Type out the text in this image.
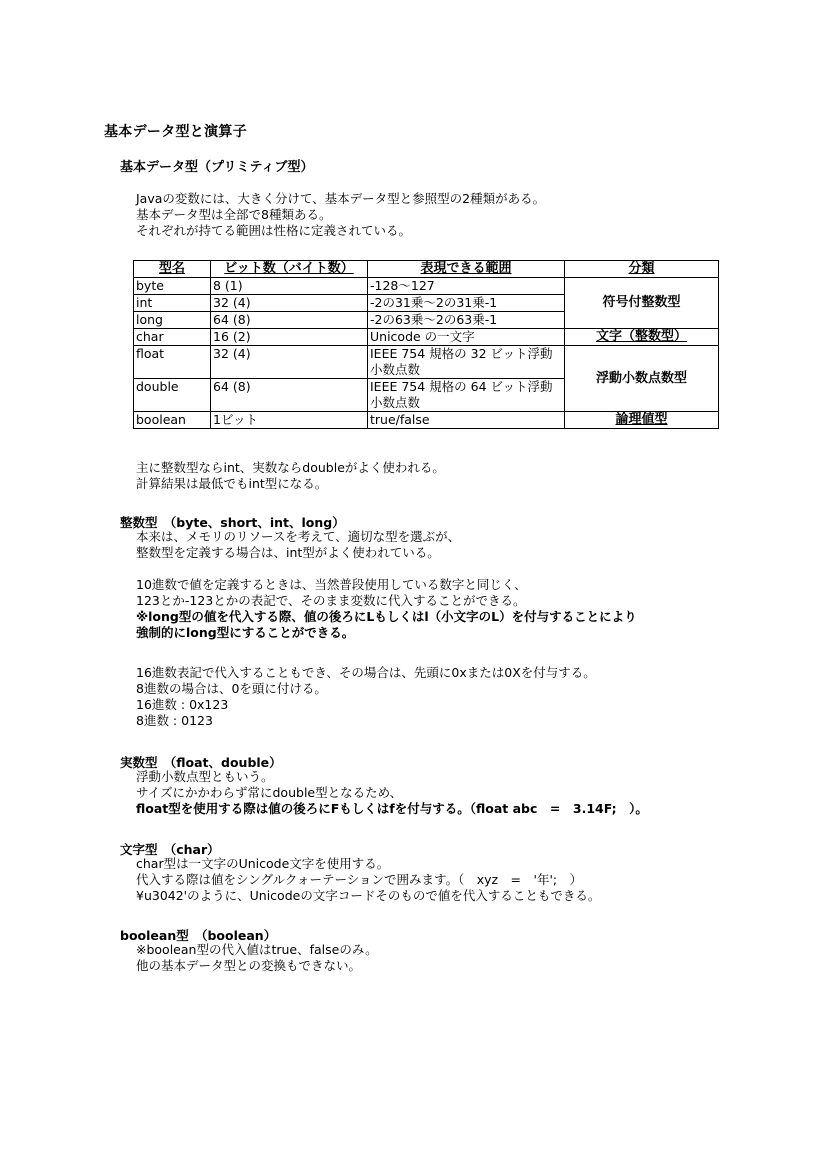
基本データ型と演算子
基本データ型（プリミティブ型）
Javaの変数には、大きく分けて、基本データ型と参照型の2種類がある。
基本データ型は全部で8種類ある。
それぞれが持てる範囲は性格に定義されている。
型名	ビット数（バイト数）	表現できる範囲	分類
byte	8 (1)	-128～127	符号付整数型
int	32 (4)	-2の31乗～2の31乗-1	
long	64 (8)	-2の63乗～2の63乗-1	
char	16 (2)	Unicode の一文字	文字（整数型）
float	32 (4)	IEEE 754 規格の 32 ビット浮動小数点数	浮動小数点数型
double	64 (8)	IEEE 754 規格の 64 ビット浮動小数点数	
boolean	1ビット	true/false	論理値型
主に整数型ならint、実数ならdoubleがよく使われる。
計算結果は最低でもint型になる。
整数型　（byte、short、int、long）
本来は、メモリのリソースを考えて、適切な型を選ぶが、
整数型を定義する場合は、int型がよく使われている。
10進数で値を定義するときは、当然普段使用している数字と同じく、
123とか-123とかの表記で、そのまま変数に代入することができる。
※long型の値を代入する際、値の後ろにLもしくはl（小文字のL）を付与することにより
強制的にlong型にすることができる。
16進数表記で代入することもでき、その場合は、先頭に0xまたは0Xを付与する。
8進数の場合は、0を頭に付ける。
16進数 : 0x123
8進数 : 0123
実数型　（float、double）
浮動小数点型ともいう。
サイズにかかわらず常にdouble型となるため、
float型を使用する際は値の後ろにFもしくはfを付与する。（float abc　=　3.14F;　）。
文字型　（char）
char型は一文字のUnicode文字を使用する。
代入する際は値をシングルクォーテーションで囲みます。（　xyz　=　'年';　）
¥u3042'のように、Unicodeの文字コードそのもので値を代入することもできる。
boolean型　（boolean）
※boolean型の代入値はtrue、falseのみ。
他の基本データ型との変換もできない。
